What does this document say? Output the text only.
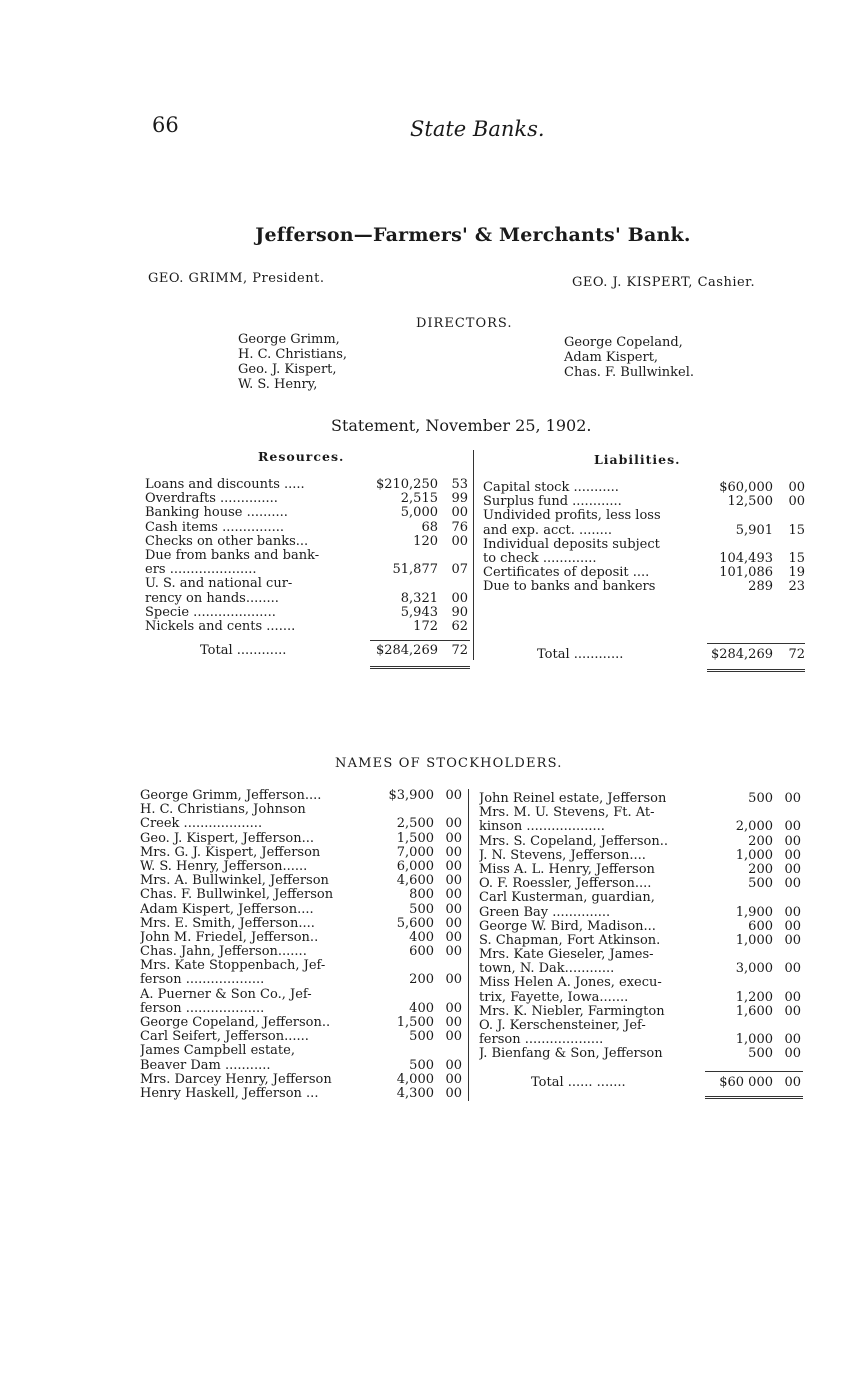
66	State Banks.
Jefferson—Farmers' & Merchants' Bank.
GEO. GRIMM, President.	GEO. J. KISPERT, Cashier.
DIRECTORS.
George Grimm,
H. C. Christians,
Geo. J. Kispert,
W. S. Henry,
George Copeland,
Adam Kispert,
Chas. F. Bullwinkel.
Statement, November 25, 1902.
Resources.
Loans and discounts .....	$210,250 53
Overdrafts ..............	2,515 99
Banking house ..........	5,000 00
Cash items ...............	68 76
Checks on other banks...	120 00
Due from banks and bank-
ers .....................	51,877 07
U. S. and national cur-
rency on hands........	8,321 00
Specie ....................	5,943 90
Nickels and cents .......	172 62
Total ............	$284,269 72
Liabilities.
Capital stock ...........	$60,000 00
Surplus fund ............	12,500 00
Undivided profits, less loss
and exp. acct. ........	5,901 15
Individual deposits subject
to check .............	104,493 15
Certificates of deposit ....	101,086 19
Due to banks and bankers	289 23
Total ............	$284,269 72
NAMES OF STOCKHOLDERS.
George Grimm, Jefferson....	$3,900 00
H. C. Christians, Johnson
Creek ...................	2,500 00
Geo. J. Kispert, Jefferson...	1,500 00
Mrs. G. J. Kispert, Jefferson	7,000 00
W. S. Henry, Jefferson......	6,000 00
Mrs. A. Bullwinkel, Jefferson	4,600 00
Chas. F. Bullwinkel, Jefferson	800 00
Adam Kispert, Jefferson....	500 00
Mrs. E. Smith, Jefferson....	5,600 00
John M. Friedel, Jefferson..	400 00
Chas. Jahn, Jefferson.......	600 00
Mrs. Kate Stoppenbach, Jef-
ferson ...................	200 00
A. Puerner & Son Co., Jef-
ferson ...................	400 00
George Copeland, Jefferson..	1,500 00
Carl Seifert, Jefferson......	500 00
James Campbell estate,
Beaver Dam ...........	500 00
Mrs. Darcey Henry, Jefferson	4,000 00
Henry Haskell, Jefferson ...	4,300 00
John Reinel estate, Jefferson	500 00
Mrs. M. U. Stevens, Ft. At-
kinson ...................	2,000 00
Mrs. S. Copeland, Jefferson..	200 00
J. N. Stevens, Jefferson....	1,000 00
Miss A. L. Henry, Jefferson	200 00
O. F. Roessler, Jefferson....	500 00
Carl Kusterman, guardian,
Green Bay ..............	1,900 00
George W. Bird, Madison...	600 00
S. Chapman, Fort Atkinson.	1,000 00
Mrs. Kate Gieseler, James-
town, N. Dak............	3,000 00
Miss Helen A. Jones, execu-
trix, Fayette, Iowa.......	1,200 00
Mrs. K. Niebler, Farmington	1,600 00
O. J. Kerschensteiner, Jef-
ferson ...................	1,000 00
J. Bienfang & Son, Jefferson	500 00
Total ...... .......	$60 000 00
